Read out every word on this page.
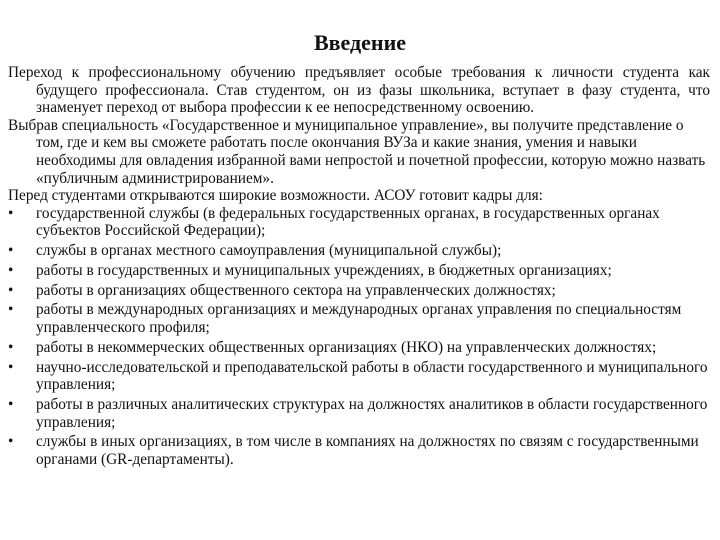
Введение

Переход к профессиональному обучению предъявляет особые требования к личности студента как будущего профессионала. Став студентом, он из фазы школьника, вступает в фазу студента, что знаменует переход от выбора профессии к ее непосредственному освоению.

Выбрав специальность «Государственное и муниципальное управление», вы получите представление о том, где и кем вы сможете работать после окончания ВУЗа и какие знания, умения и навыки необходимы для овладения избранной вами непростой и почетной профессии, которую можно назвать «публичным администрированием».

Перед студентами открываются широкие возможности. АСОУ готовит кадры для:

•	государственной службы (в федеральных государственных органах, в государственных органах субъектов Российской Федерации);
•	службы в органах местного самоуправления (муниципальной службы);
•	работы в государственных и муниципальных учреждениях, в бюджетных организациях;
•	работы в организациях общественного сектора на управленческих должностях;
•	работы в международных организациях и международных органах управления по специальностям управленческого профиля;
•	работы в некоммерческих общественных организациях (НКО) на управленческих должностях;
•	научно-исследовательской и преподавательской работы в области государственного и муниципального управления;
•	работы в различных аналитических структурах на должностях аналитиков в области государственного управления;
•	службы в иных организациях, в том числе в компаниях на должностях по связям с государственными органами (GR-департаменты).
